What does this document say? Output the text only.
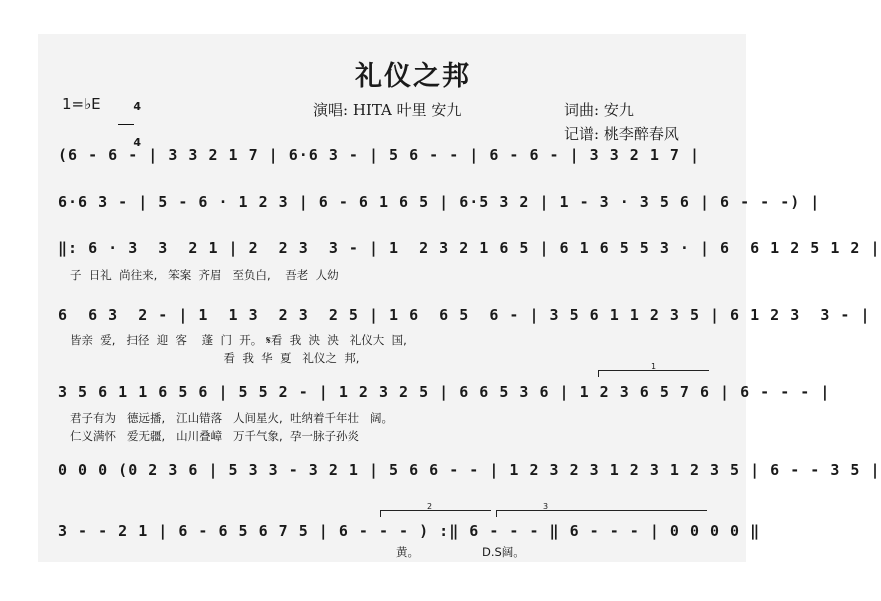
礼仪之邦
演唱: HITA 叶里 安九	词曲: 安九
记谱: 桃李醉春风
1=♭E	4

4

(6 - 6 - | 3 3 2 1 7 | 6·6 3 - | 5 6 - - | 6 - 6 - | 3 3 2 1 7 |
6·6 3 - | 5 - 6 · 1 2 3 | 6 - 6 1 6 5 | 6·5 3 2 | 1 - 3 · 3 5 6 | 6 - - -) |
‖: 6 · 3  3  2 1 | 2  2 3  3 - | 1  2 3 2 1 6 5 | 6 1 6 5 5 3 · | 6  6 1 2 5 1 2 |
子  日礼  尚往来,   笨案  齐眉   至负白,    吾老  人幼
6  6 3  2 - | 1  1 3  2 3  2 5 | 1 6  6 5  6 - | 3 5 6 1 1 2 3 5 | 6 1 2 3  3 - |
皆亲  爱,   扫径  迎  客    蓬  门  开。 𝄋看  我  泱  泱   礼仪大  国,
看  我  华  夏   礼仪之  邦,
1
3 5 6 1 1 6 5 6 | 5 5 2 - | 1 2 3 2 5 | 6 6 5 3 6 | 1 2 3 6 5 7 6 | 6 - - - |
君子有为   德远播,   江山错落   人间星火,  吐纳着千年壮   阔。
仁义满怀   爱无疆,   山川叠嶂   万千气象,  孕一脉子孙炎
0 0 0 (0 2 3 6 | 5 3 3 - 3 2 1 | 5 6 6 - - | 1 2 3 2 3 1 2 3 1 2 3 5 | 6 - - 3 5 |
2	3
3 - - 2 1 | 6 - 6 5 6 7 5 | 6 - - - ) :‖ 6 - - - ‖ 6 - - - | 0 0 0 0 ‖
黄。	D.S阔。
